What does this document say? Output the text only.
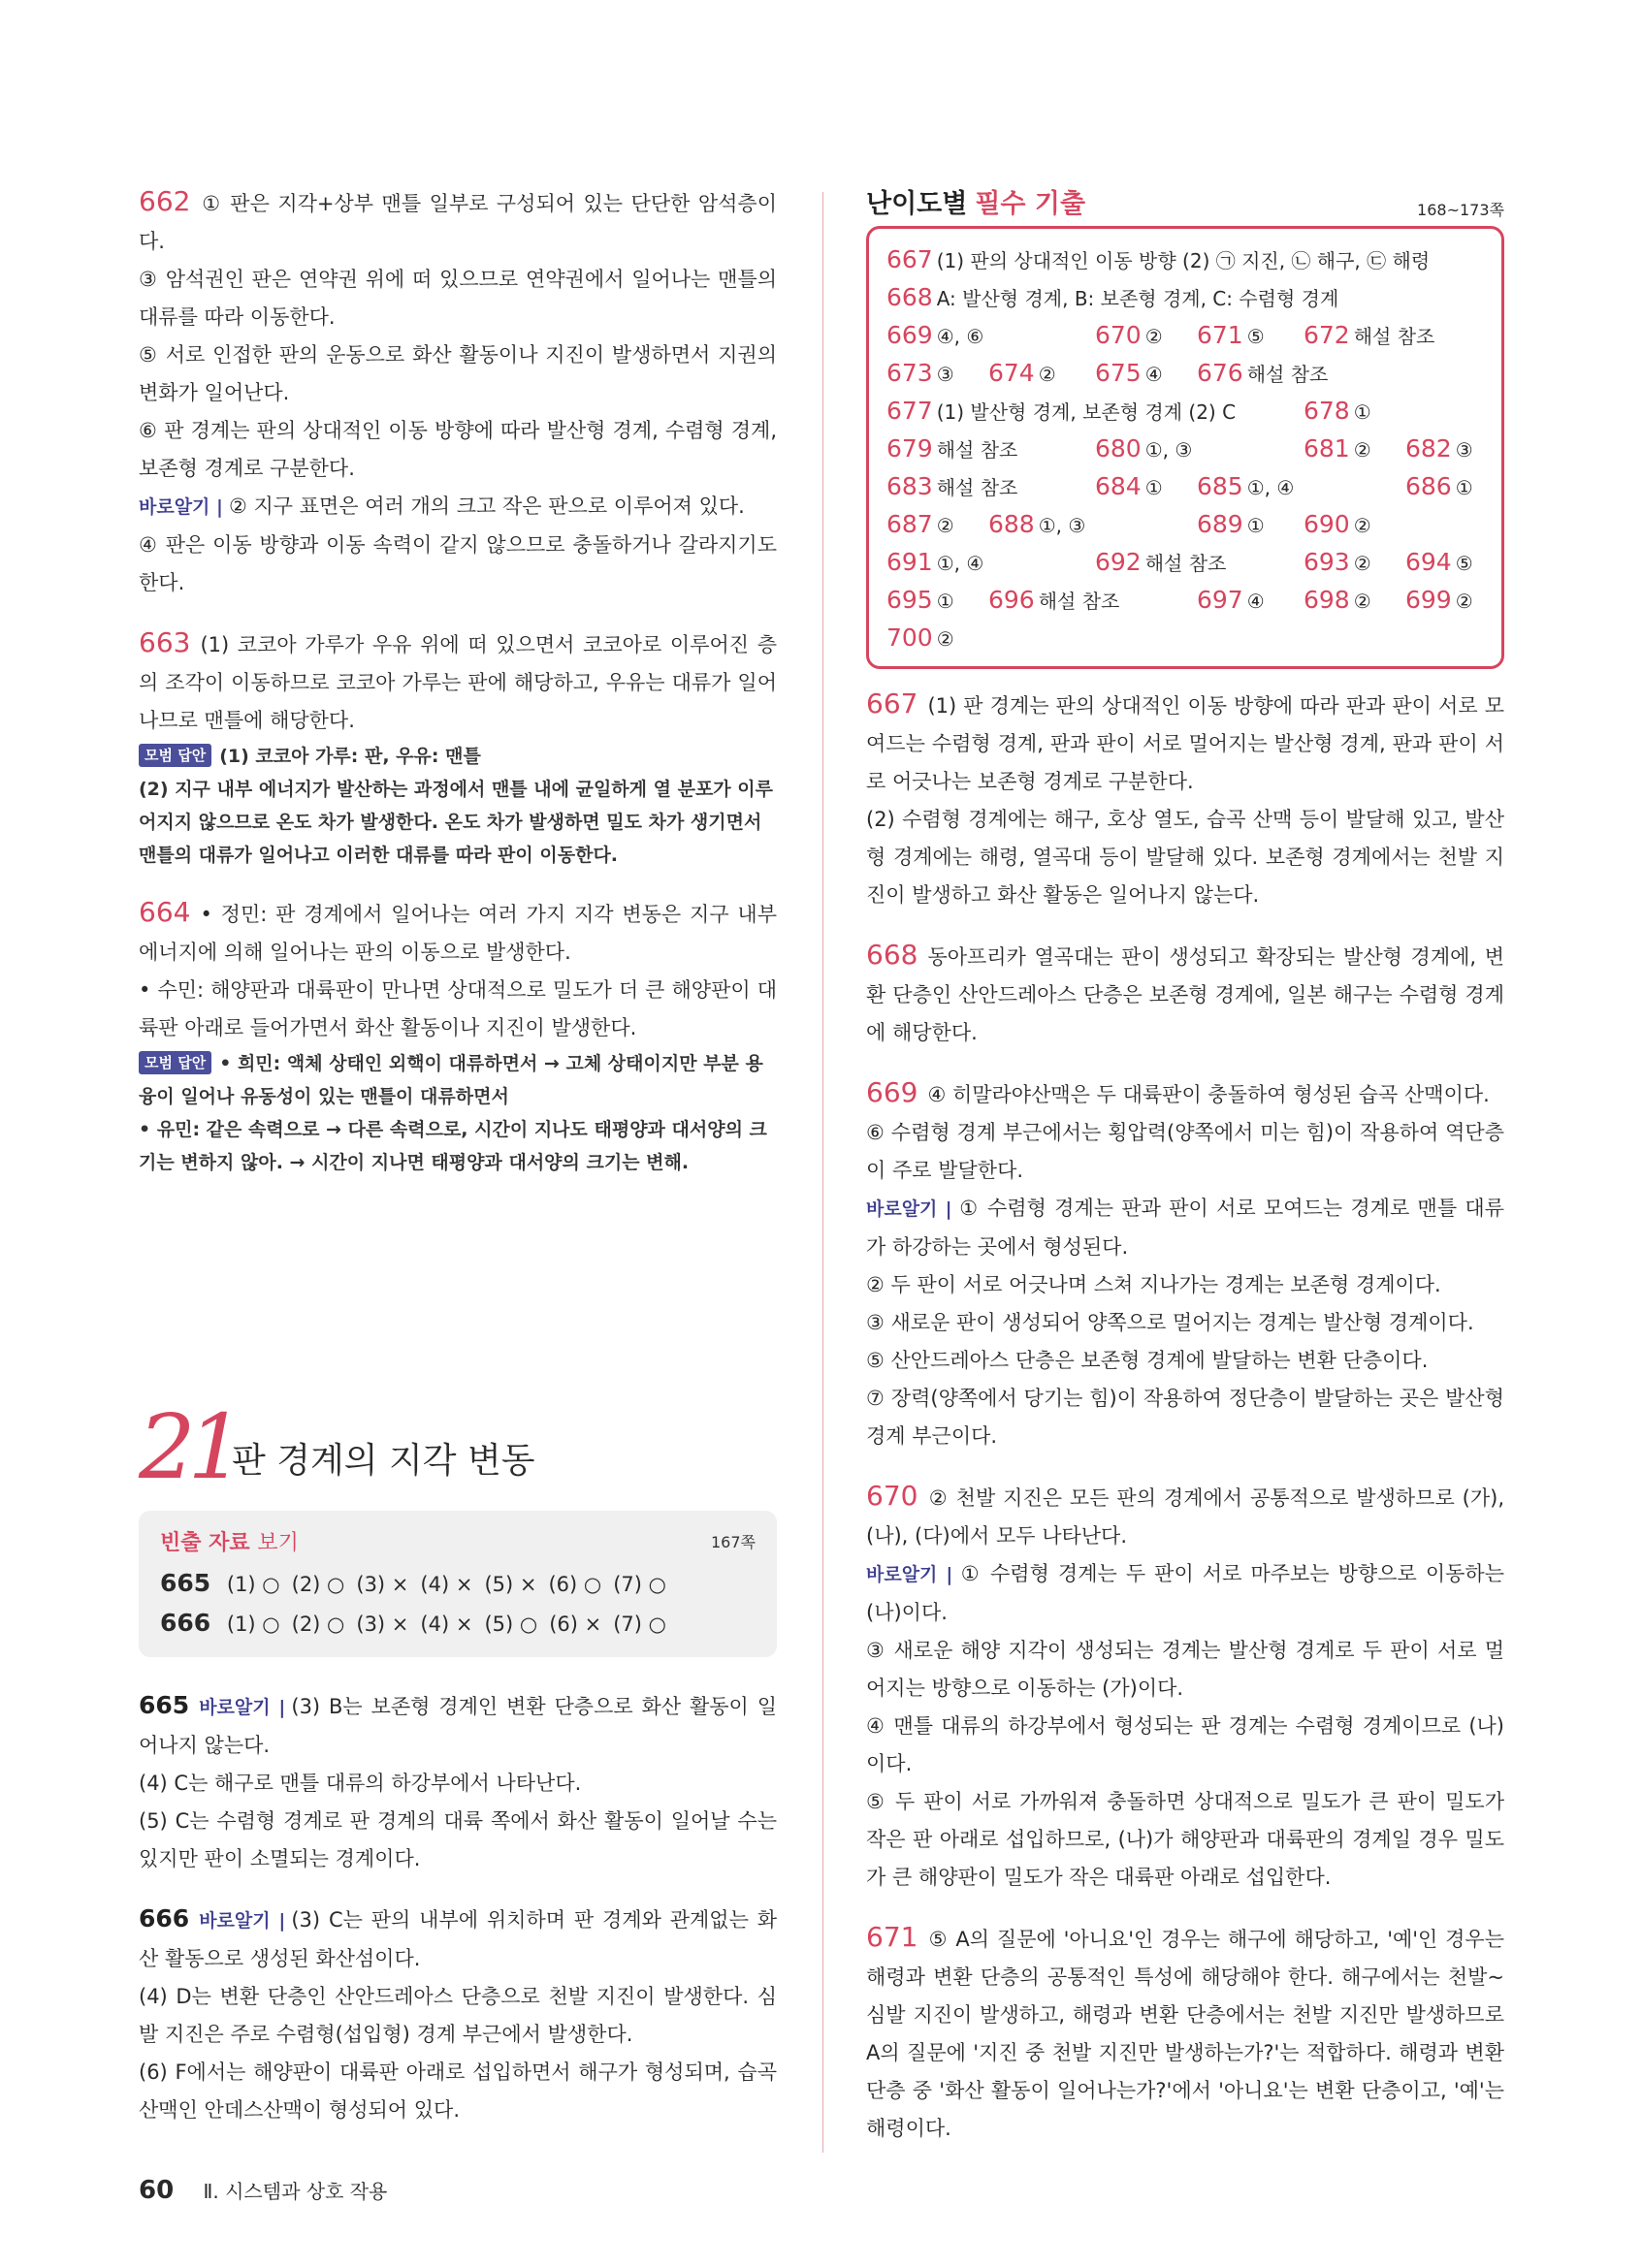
662 ① 판은 지각+상부 맨틀 일부로 구성되어 있는 단단한 암석층이다.

③ 암석권인 판은 연약권 위에 떠 있으므로 연약권에서 일어나는 맨틀의 대류를 따라 이동한다.

⑤ 서로 인접한 판의 운동으로 화산 활동이나 지진이 발생하면서 지권의 변화가 일어난다.

⑥ 판 경계는 판의 상대적인 이동 방향에 따라 발산형 경계, 수렴형 경계, 보존형 경계로 구분한다.

바로알기 | ② 지구 표면은 여러 개의 크고 작은 판으로 이루어져 있다.

④ 판은 이동 방향과 이동 속력이 같지 않으므로 충돌하거나 갈라지기도 한다.

663 (1) 코코아 가루가 우유 위에 떠 있으면서 코코아로 이루어진 층의 조각이 이동하므로 코코아 가루는 판에 해당하고, 우유는 대류가 일어나므로 맨틀에 해당한다.

모범 답안 (1) 코코아 가루: 판, 우유: 맨틀

(2) 지구 내부 에너지가 발산하는 과정에서 맨틀 내에 균일하게 열 분포가 이루어지지 않으므로 온도 차가 발생한다. 온도 차가 발생하면 밀도 차가 생기면서 맨틀의 대류가 일어나고 이러한 대류를 따라 판이 이동한다.

664 • 정민: 판 경계에서 일어나는 여러 가지 지각 변동은 지구 내부 에너지에 의해 일어나는 판의 이동으로 발생한다.

• 수민: 해양판과 대륙판이 만나면 상대적으로 밀도가 더 큰 해양판이 대륙판 아래로 들어가면서 화산 활동이나 지진이 발생한다.

모범 답안 • 희민: 액체 상태인 외핵이 대류하면서 → 고체 상태이지만 부분 용융이 일어나 유동성이 있는 맨틀이 대류하면서

• 유민: 같은 속력으로 → 다른 속력으로, 시간이 지나도 태평양과 대서양의 크기는 변하지 않아. → 시간이 지나면 태평양과 대서양의 크기는 변해.

21
판 경계의 지각 변동
빈출 자료 보기	167쪽
665 (1) ○ (2) ○ (3) × (4) × (5) × (6) ○ (7) ○
666 (1) ○ (2) ○ (3) × (4) × (5) ○ (6) × (7) ○

665 바로알기 | (3) B는 보존형 경계인 변환 단층으로 화산 활동이 일어나지 않는다.

(4) C는 해구로 맨틀 대류의 하강부에서 나타난다.

(5) C는 수렴형 경계로 판 경계의 대륙 쪽에서 화산 활동이 일어날 수는 있지만 판이 소멸되는 경계이다.

666 바로알기 | (3) C는 판의 내부에 위치하며 판 경계와 관계없는 화산 활동으로 생성된 화산섬이다.

(4) D는 변환 단층인 산안드레아스 단층으로 천발 지진이 발생한다. 심발 지진은 주로 수렴형(섭입형) 경계 부근에서 발생한다.

(6) F에서는 해양판이 대륙판 아래로 섭입하면서 해구가 형성되며, 습곡 산맥인 안데스산맥이 형성되어 있다.

난이도별 필수 기출	168~173쪽
667 (1) 판의 상대적인 이동 방향 (2) ㉠ 지진, ㉡ 해구, ㉢ 해령
668 A: 발산형 경계, B: 보존형 경계, C: 수렴형 경계
669 ④, ⑥	670 ② 671 ⑤ 672 해설 참조
673 ③ 674 ② 675 ④ 676 해설 참조
677 (1) 발산형 경계, 보존형 경계 (2) C	678 ①
679 해설 참조	680 ①, ③	681 ② 682 ③
683 해설 참조	684 ① 685 ①, ④	686 ①
687 ② 688 ①, ③	689 ① 690 ②
691 ①, ④	692 해설 참조	693 ② 694 ⑤
695 ① 696 해설 참조	697 ④ 698 ② 699 ②
700 ②

667 (1) 판 경계는 판의 상대적인 이동 방향에 따라 판과 판이 서로 모여드는 수렴형 경계, 판과 판이 서로 멀어지는 발산형 경계, 판과 판이 서로 어긋나는 보존형 경계로 구분한다.

(2) 수렴형 경계에는 해구, 호상 열도, 습곡 산맥 등이 발달해 있고, 발산형 경계에는 해령, 열곡대 등이 발달해 있다. 보존형 경계에서는 천발 지진이 발생하고 화산 활동은 일어나지 않는다.

668 동아프리카 열곡대는 판이 생성되고 확장되는 발산형 경계에, 변환 단층인 산안드레아스 단층은 보존형 경계에, 일본 해구는 수렴형 경계에 해당한다.

669 ④ 히말라야산맥은 두 대륙판이 충돌하여 형성된 습곡 산맥이다.

⑥ 수렴형 경계 부근에서는 횡압력(양쪽에서 미는 힘)이 작용하여 역단층이 주로 발달한다.

바로알기 | ① 수렴형 경계는 판과 판이 서로 모여드는 경계로 맨틀 대류가 하강하는 곳에서 형성된다.

② 두 판이 서로 어긋나며 스쳐 지나가는 경계는 보존형 경계이다.

③ 새로운 판이 생성되어 양쪽으로 멀어지는 경계는 발산형 경계이다.

⑤ 산안드레아스 단층은 보존형 경계에 발달하는 변환 단층이다.

⑦ 장력(양쪽에서 당기는 힘)이 작용하여 정단층이 발달하는 곳은 발산형 경계 부근이다.

670 ② 천발 지진은 모든 판의 경계에서 공통적으로 발생하므로 (가), (나), (다)에서 모두 나타난다.

바로알기 | ① 수렴형 경계는 두 판이 서로 마주보는 방향으로 이동하는 (나)이다.

③ 새로운 해양 지각이 생성되는 경계는 발산형 경계로 두 판이 서로 멀어지는 방향으로 이동하는 (가)이다.

④ 맨틀 대류의 하강부에서 형성되는 판 경계는 수렴형 경계이므로 (나)이다.

⑤ 두 판이 서로 가까워져 충돌하면 상대적으로 밀도가 큰 판이 밀도가 작은 판 아래로 섭입하므로, (나)가 해양판과 대륙판의 경계일 경우 밀도가 큰 해양판이 밀도가 작은 대륙판 아래로 섭입한다.

671 ⑤ A의 질문에 '아니요'인 경우는 해구에 해당하고, '예'인 경우는 해령과 변환 단층의 공통적인 특성에 해당해야 한다. 해구에서는 천발~심발 지진이 발생하고, 해령과 변환 단층에서는 천발 지진만 발생하므로 A의 질문에 '지진 중 천발 지진만 발생하는가?'는 적합하다. 해령과 변환 단층 중 '화산 활동이 일어나는가?'에서 '아니요'는 변환 단층이고, '예'는 해령이다.

60 Ⅱ. 시스템과 상호 작용
